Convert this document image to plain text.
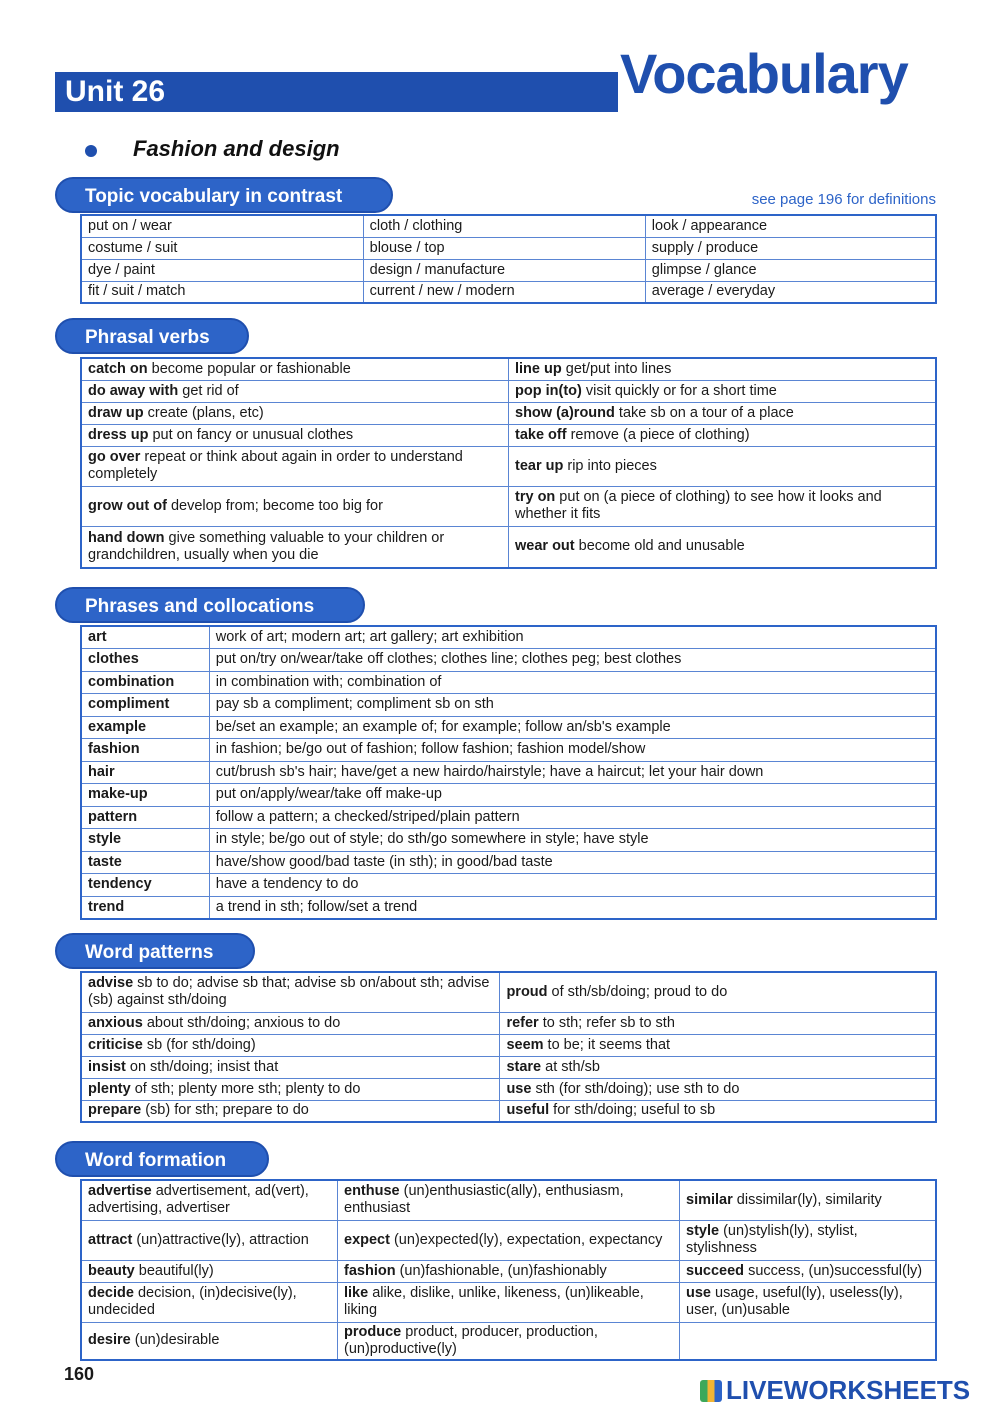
Unit 26	Vocabulary
Fashion and design
Topic vocabulary in contrast	see page 196 for definitions
put on / wear	cloth / clothing	look / appearance
costume / suit	blouse / top	supply / produce
dye / paint	design / manufacture	glimpse / glance
fit / suit / match	current / new / modern	average / everyday
Phrasal verbs
catch on become popular or fashionable	line up get/put into lines
do away with get rid of	pop in(to) visit quickly or for a short time
draw up create (plans, etc)	show (a)round take sb on a tour of a place
dress up put on fancy or unusual clothes	take off remove (a piece of clothing)
go over repeat or think about again in order to understand completely	tear up rip into pieces
grow out of develop from; become too big for	try on put on (a piece of clothing) to see how it looks and whether it fits
hand down give something valuable to your children or grandchildren, usually when you die	wear out become old and unusable
Phrases and collocations
art	work of art; modern art; art gallery; art exhibition
clothes	put on/try on/wear/take off clothes; clothes line; clothes peg; best clothes
combination	in combination with; combination of
compliment	pay sb a compliment; compliment sb on sth
example	be/set an example; an example of; for example; follow an/sb's example
fashion	in fashion; be/go out of fashion; follow fashion; fashion model/show
hair	cut/brush sb's hair; have/get a new hairdo/hairstyle; have a haircut; let your hair down
make-up	put on/apply/wear/take off make-up
pattern	follow a pattern; a checked/striped/plain pattern
style	in style; be/go out of style; do sth/go somewhere in style; have style
taste	have/show good/bad taste (in sth); in good/bad taste
tendency	have a tendency to do
trend	a trend in sth; follow/set a trend
Word patterns
advise sb to do; advise sb that; advise sb on/about sth; advise (sb) against sth/doing	proud of sth/sb/doing; proud to do
anxious about sth/doing; anxious to do	refer to sth; refer sb to sth
criticise sb (for sth/doing)	seem to be; it seems that
insist on sth/doing; insist that	stare at sth/sb
plenty of sth; plenty more sth; plenty to do	use sth (for sth/doing); use sth to do
prepare (sb) for sth; prepare to do	useful for sth/doing; useful to sb
Word formation
advertise advertisement, ad(vert), advertising, advertiser	enthuse (un)enthusiastic(ally), enthusiasm, enthusiast	similar dissimilar(ly), similarity
attract (un)attractive(ly), attraction	expect (un)expected(ly), expectation, expectancy	style (un)stylish(ly), stylist, stylishness
beauty beautiful(ly)	fashion (un)fashionable, (un)fashionably	succeed success, (un)successful(ly)
decide decision, (in)decisive(ly), undecided	like alike, dislike, unlike, likeness, (un)likeable, liking	use usage, useful(ly), useless(ly), user, (un)usable
desire (un)desirable	produce product, producer, production, (un)productive(ly)	
160
LIVEWORKSHEETS
